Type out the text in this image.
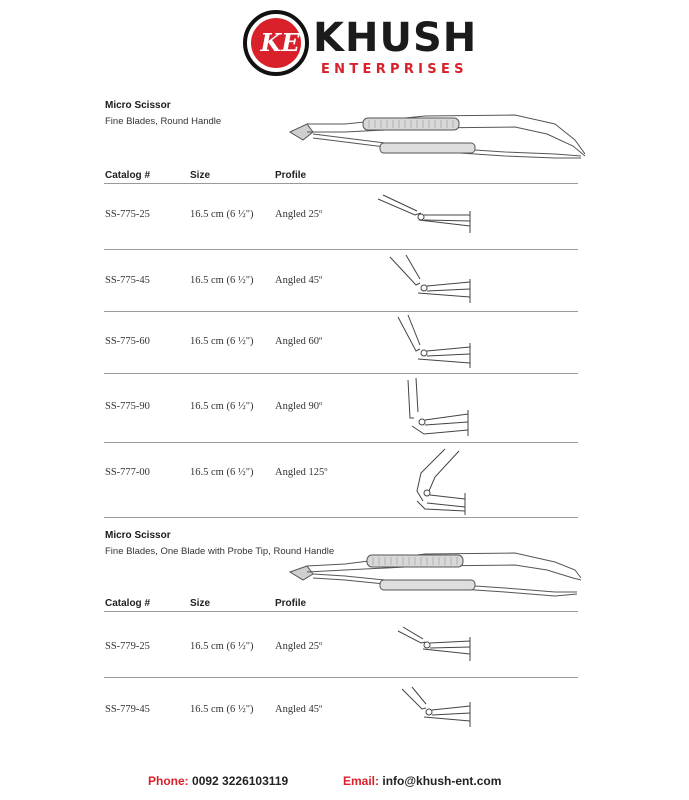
KE KHUSH
ENTERPRISES
Micro Scissor
Fine Blades, Round Handle
Catalog #	Size	Profile
SS-775-25	16.5 cm (6 ½") Angled 25º
SS-775-45	16.5 cm (6 ½") Angled 45º
SS-775-60	16.5 cm (6 ½") Angled 60º
SS-775-90	16.5 cm (6 ½") Angled 90º
SS-777-00	16.5 cm (6 ½") Angled 125º
Micro Scissor
Fine Blades, One Blade with Probe Tip, Round Handle
Catalog #	Size	Profile
SS-779-25	16.5 cm (6 ½") Angled 25º
SS-779-45	16.5 cm (6 ½") Angled 45º
Phone: 0092 3226103119	Email: info@khush-ent.com
